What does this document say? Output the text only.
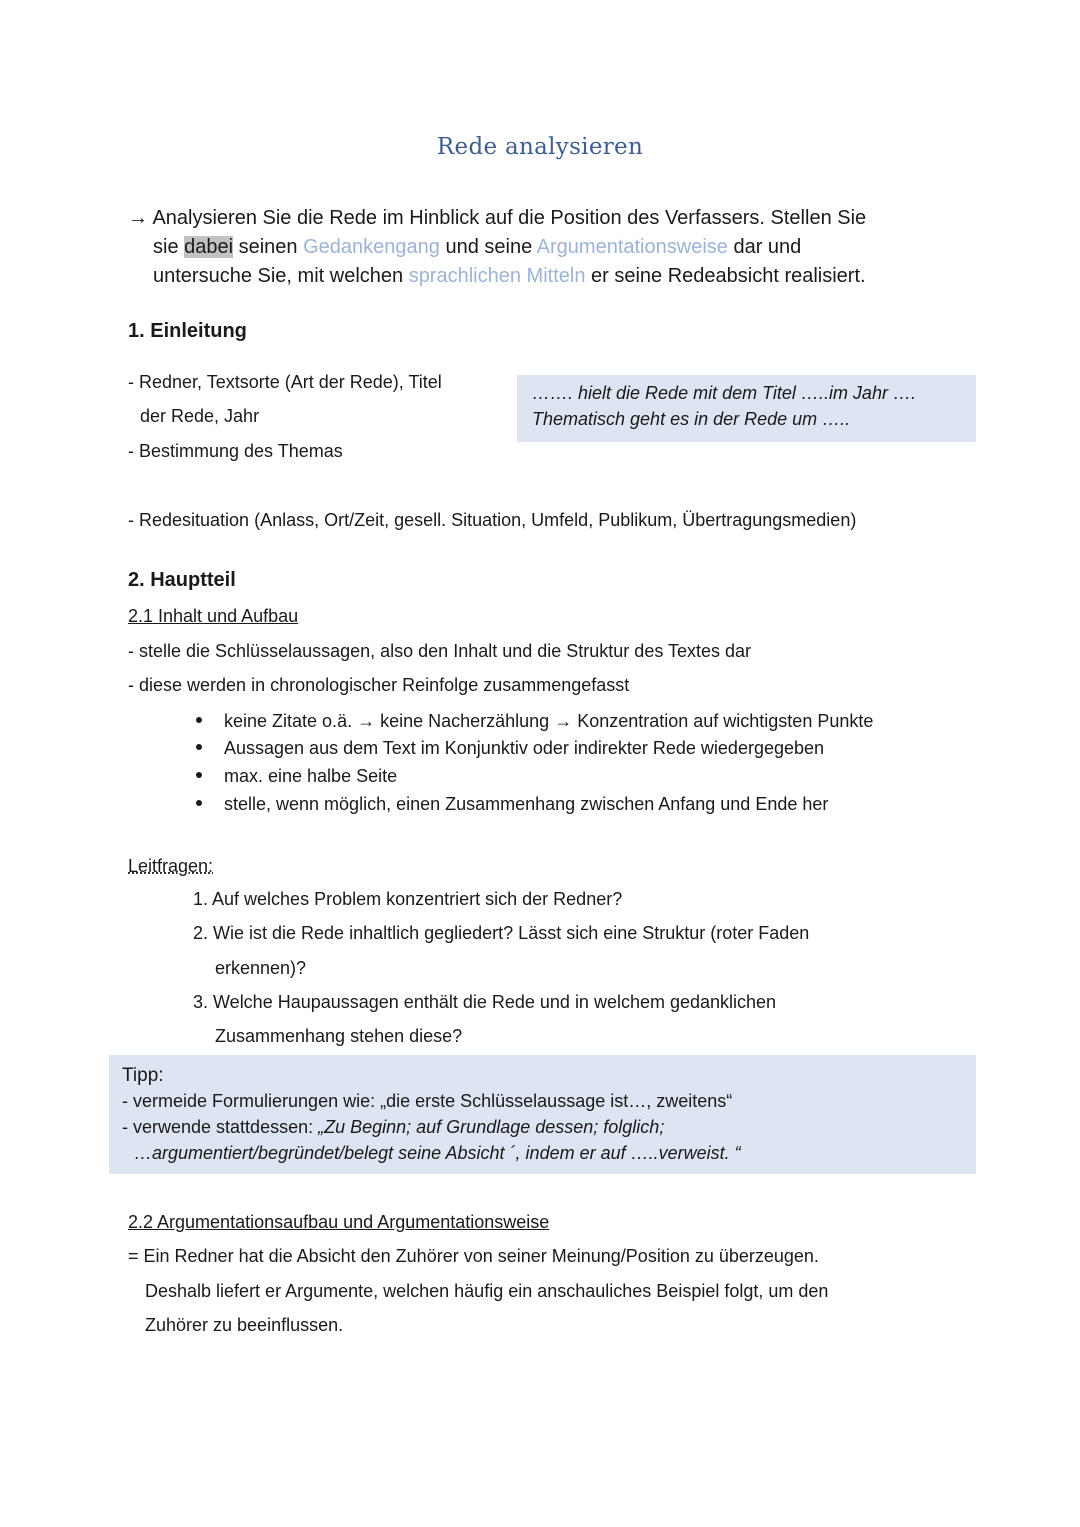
Rede analysieren
→ Analysieren Sie die Rede im Hinblick auf die Position des Verfassers. Stellen Sie
sie dabei seinen Gedankengang und seine Argumentationsweise dar und
untersuche Sie, mit welchen sprachlichen Mitteln er seine Redeabsicht realisiert.
1. Einleitung
- Redner, Textsorte (Art der Rede), Titel
der Rede, Jahr
- Bestimmung des Themas
……. hielt die Rede mit dem Titel …..im Jahr ….
Thematisch geht es in der Rede um …..
- Redesituation (Anlass, Ort/Zeit, gesell. Situation, Umfeld, Publikum, Übertragungsmedien)
2. Hauptteil
2.1 Inhalt und Aufbau
- stelle die Schlüsselaussagen, also den Inhalt und die Struktur des Textes dar
- diese werden in chronologischer Reinfolge zusammengefasst
keine Zitate o.ä. → keine Nacherzählung → Konzentration auf wichtigsten Punkte
Aussagen aus dem Text im Konjunktiv oder indirekter Rede wiedergegeben
max. eine halbe Seite
stelle, wenn möglich, einen Zusammenhang zwischen Anfang und Ende her
Leitfragen:
1. Auf welches Problem konzentriert sich der Redner?
2. Wie ist die Rede inhaltlich gegliedert? Lässt sich eine Struktur (roter Faden
erkennen)?
3. Welche Haupaussagen enthält die Rede und in welchem gedanklichen
Zusammenhang stehen diese?
Tipp:
- vermeide Formulierungen wie: „die erste Schlüsselaussage ist…, zweitens“
- verwende stattdessen: „Zu Beginn; auf Grundlage dessen; folglich;
…argumentiert/begründet/belegt seine Absicht ´, indem er auf …..verweist. “
2.2 Argumentationsaufbau und Argumentationsweise
= Ein Redner hat die Absicht den Zuhörer von seiner Meinung/Position zu überzeugen.
Deshalb liefert er Argumente, welchen häufig ein anschauliches Beispiel folgt, um den
Zuhörer zu beeinflussen.
